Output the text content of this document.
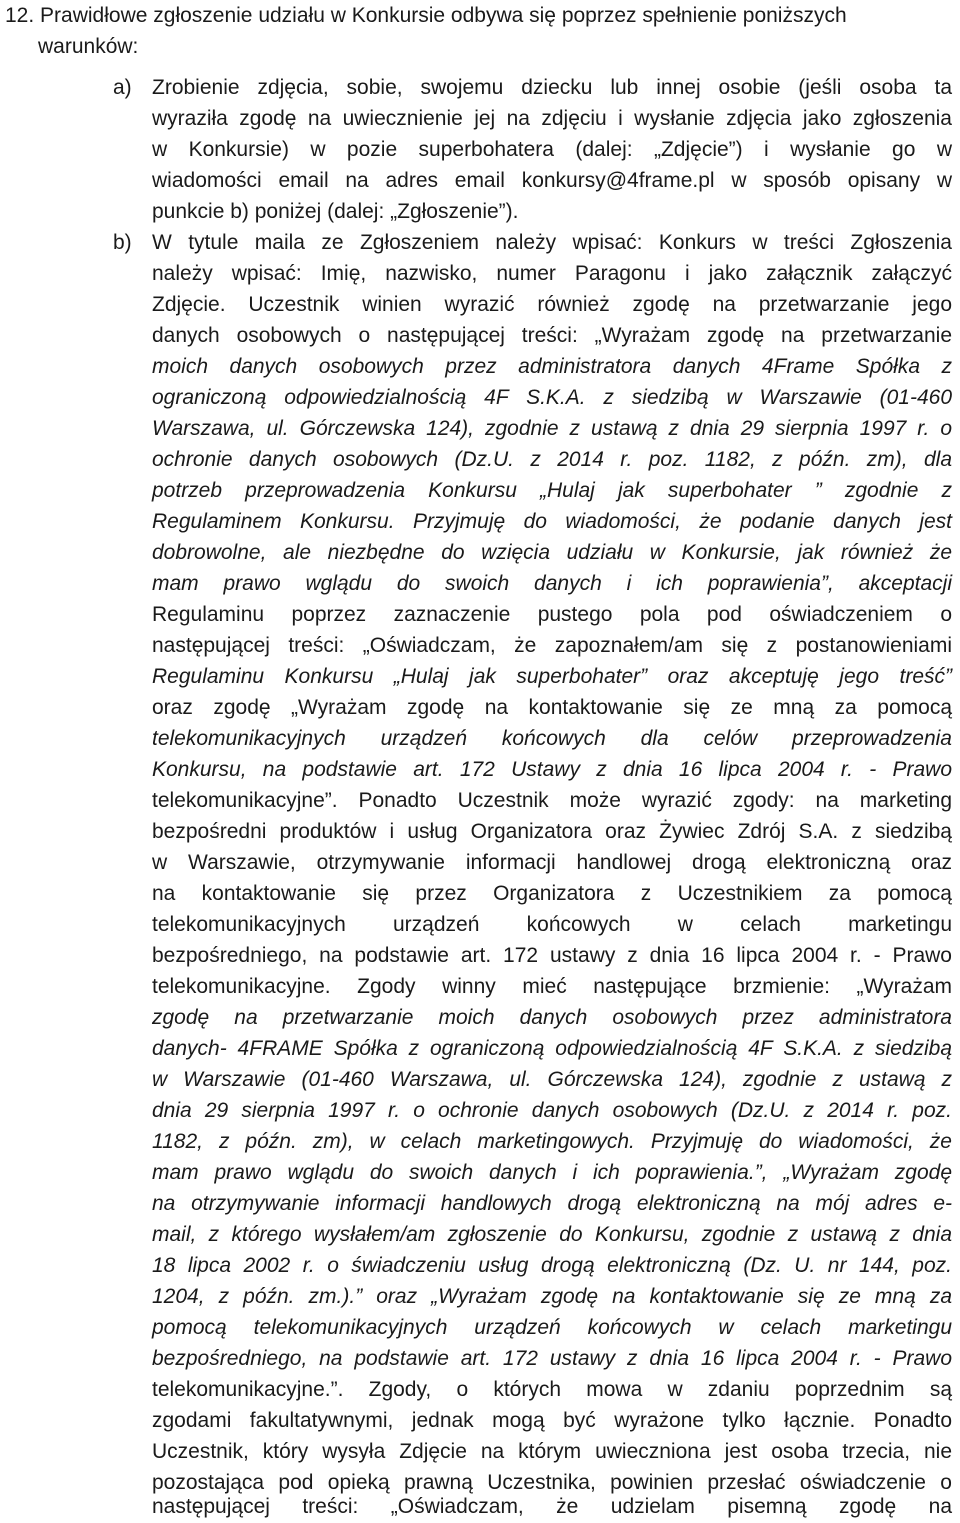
12. Prawidłowe zgłoszenie udziału w Konkursie odbywa się poprzez spełnienie poniższych
warunków:
a) Zrobienie zdjęcia, sobie, swojemu dziecku lub innej osobie (jeśli osoba ta
wyraziła zgodę na uwiecznienie jej na zdjęciu i wysłanie zdjęcia jako zgłoszenia
w Konkursie) w pozie superbohatera (dalej: „Zdjęcie”) i wysłanie go w
wiadomości email na adres email konkursy@4frame.pl w sposób opisany w
punkcie b) poniżej (dalej: „Zgłoszenie”).
b) W tytule maila ze Zgłoszeniem należy wpisać: Konkurs w treści Zgłoszenia
należy wpisać: Imię, nazwisko, numer Paragonu i jako załącznik załączyć
Zdjęcie. Uczestnik winien wyrazić również zgodę na przetwarzanie jego
danych osobowych o następującej treści: „Wyrażam zgodę na przetwarzanie
moich danych osobowych przez administratora danych 4Frame Spółka z
ograniczoną odpowiedzialnością 4F S.K.A. z siedzibą w Warszawie (01-460
Warszawa, ul. Górczewska 124), zgodnie z ustawą z dnia 29 sierpnia 1997 r. o
ochronie danych osobowych (Dz.U. z 2014 r. poz. 1182, z późn. zm), dla
potrzeb przeprowadzenia Konkursu „Hulaj jak superbohater ” zgodnie z
Regulaminem Konkursu. Przyjmuję do wiadomości, że podanie danych jest
dobrowolne, ale niezbędne do wzięcia udziału w Konkursie, jak również że
mam prawo wglądu do swoich danych i ich poprawienia”, akceptacji
Regulaminu poprzez zaznaczenie pustego pola pod oświadczeniem o
następującej treści: „Oświadczam, że zapoznałem/am się z postanowieniami
Regulaminu Konkursu „Hulaj jak superbohater” oraz akceptuję jego treść”
oraz zgodę „Wyrażam zgodę na kontaktowanie się ze mną za pomocą
telekomunikacyjnych urządzeń końcowych dla celów przeprowadzenia
Konkursu, na podstawie art. 172 Ustawy z dnia 16 lipca 2004 r. - Prawo
telekomunikacyjne”. Ponadto Uczestnik może wyrazić zgody: na marketing
bezpośredni produktów i usług Organizatora oraz Żywiec Zdrój S.A. z siedzibą
w Warszawie, otrzymywanie informacji handlowej drogą elektroniczną oraz
na kontaktowanie się przez Organizatora z Uczestnikiem za pomocą
telekomunikacyjnych urządzeń końcowych w celach marketingu
bezpośredniego, na podstawie art. 172 ustawy z dnia 16 lipca 2004 r. - Prawo
telekomunikacyjne. Zgody winny mieć następujące brzmienie: „Wyrażam
zgodę na przetwarzanie moich danych osobowych przez administratora
danych- 4FRAME Spółka z ograniczoną odpowiedzialnością 4F S.K.A. z siedzibą
w Warszawie (01-460 Warszawa, ul. Górczewska 124), zgodnie z ustawą z
dnia 29 sierpnia 1997 r. o ochronie danych osobowych (Dz.U. z 2014 r. poz.
1182, z późn. zm), w celach marketingowych. Przyjmuję do wiadomości, że
mam prawo wglądu do swoich danych i ich poprawienia.”, „Wyrażam zgodę
na otrzymywanie informacji handlowych drogą elektroniczną na mój adres e-
mail, z którego wysłałem/am zgłoszenie do Konkursu, zgodnie z ustawą z dnia
18 lipca 2002 r. o świadczeniu usług drogą elektroniczną (Dz. U. nr 144, poz.
1204, z późn. zm.).” oraz „Wyrażam zgodę na kontaktowanie się ze mną za
pomocą telekomunikacyjnych urządzeń końcowych w celach marketingu
bezpośredniego, na podstawie art. 172 ustawy z dnia 16 lipca 2004 r. - Prawo
telekomunikacyjne.”. Zgody, o których mowa w zdaniu poprzednim są
zgodami fakultatywnymi, jednak mogą być wyrażone tylko łącznie. Ponadto
Uczestnik, który wysyła Zdjęcie na którym uwieczniona jest osoba trzecia, nie
pozostająca pod opieką prawną Uczestnika, powinien przesłać oświadczenie o
następującej treści: „Oświadczam, że udzielam pisemną zgodę na
